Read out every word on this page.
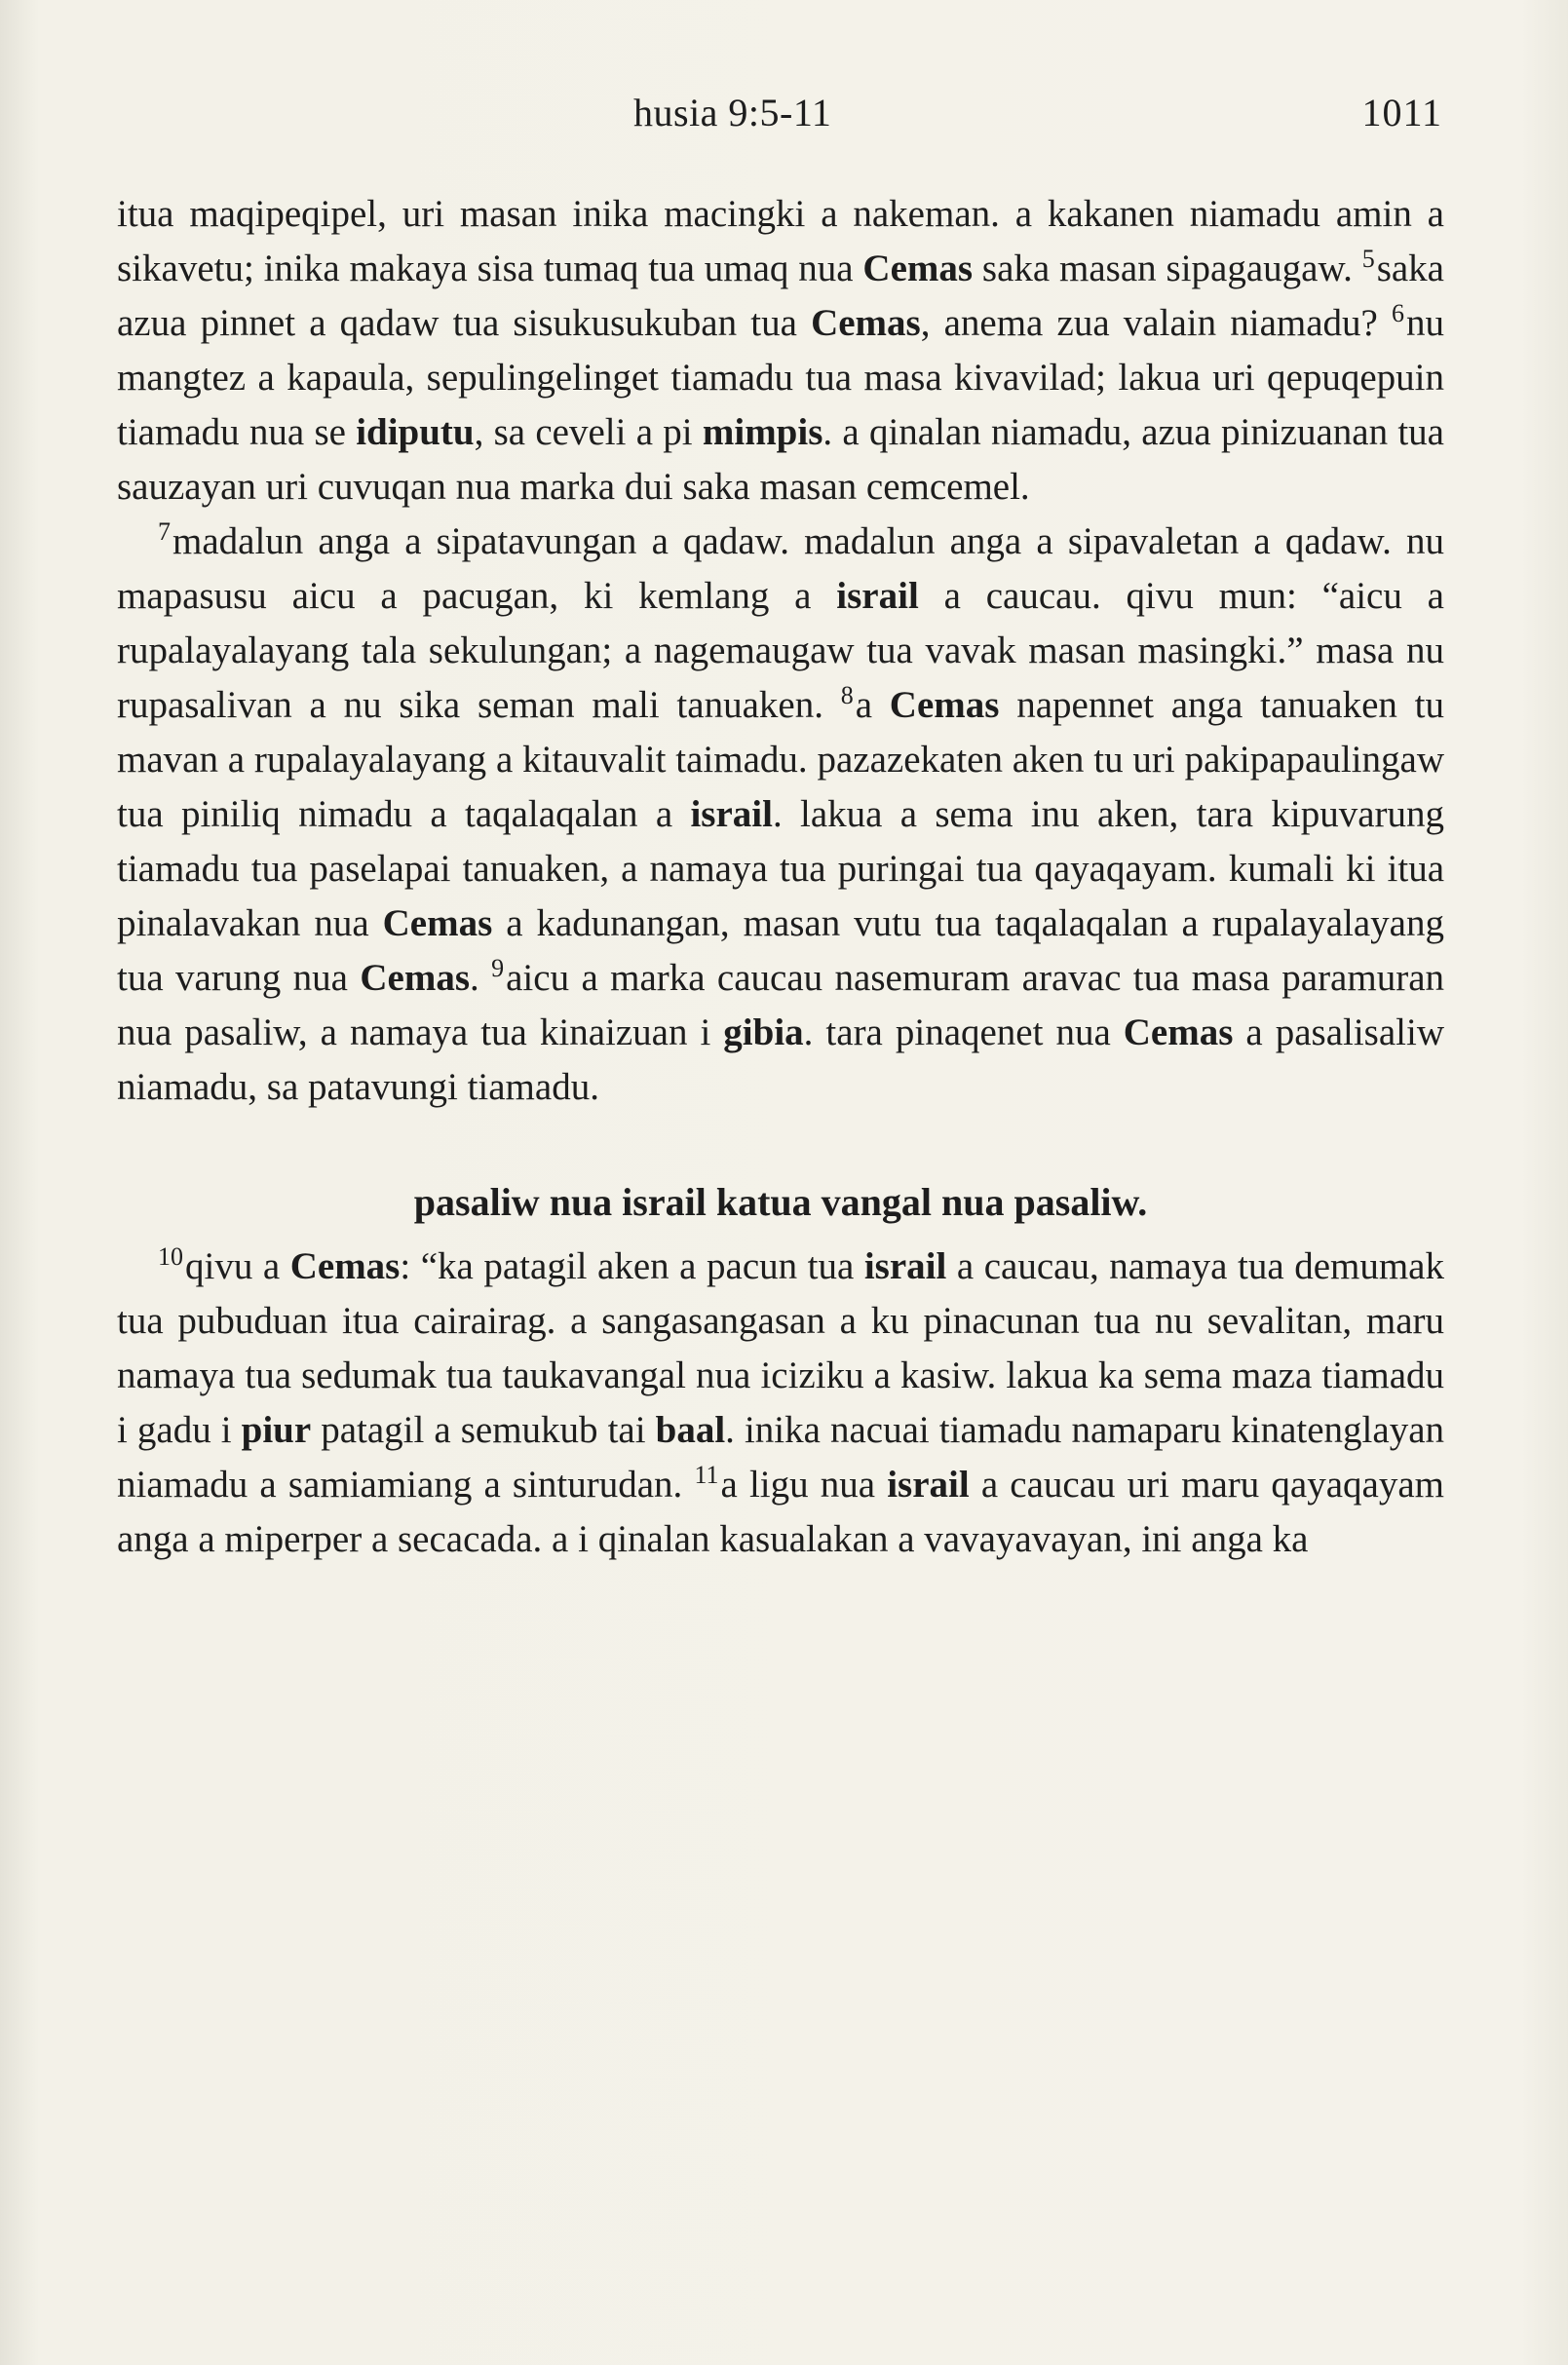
husia 9:5-11	1011

itua maqipeqipel, uri masan inika macingki a nakeman. a kakanen niamadu amin a sikavetu; inika makaya sisa tumaq tua umaq nua Cemas saka masan sipagaugaw. $^5$saka azua pinnet a qadaw tua sisukusukuban tua Cemas, anema zua valain niamadu? $^6$nu mangtez a kapaula, sepulingelinget tiamadu tua masa kivavilad; lakua uri qepuqepuin tiamadu nua se idiputu, sa ceveli a pi mimpis. a qinalan niamadu, azua pinizuanan tua sauzayan uri cuvuqan nua marka dui saka masan cemcemel.

$^7$madalun anga a sipatavungan a qadaw. madalun anga a sipavaletan a qadaw. nu mapasusu aicu a pacugan, ki kemlang a israil a caucau. qivu mun: “aicu a rupalayalayang tala sekulungan; a nagemaugaw tua vavak masan masingki.” masa nu rupasalivan a nu sika seman mali tanuaken. $^8$a Cemas napennet anga tanuaken tu mavan a rupalayalayang a kitauvalit taimadu. pazazekaten aken tu uri pakipapaulingaw tua piniliq nimadu a taqalaqalan a israil. lakua a sema inu aken, tara kipuvarung tiamadu tua paselapai tanuaken, a namaya tua puringai tua qayaqayam. kumali ki itua pinalavakan nua Cemas a kadunangan, masan vutu tua taqalaqalan a rupalayalayang tua varung nua Cemas. $^9$aicu a marka caucau nasemuram aravac tua masa paramuran nua pasaliw, a namaya tua kinaizuan i gibia. tara pinaqenet nua Cemas a pasalisaliw niamadu, sa patavungi tiamadu.

pasaliw nua israil katua vangal nua pasaliw.

$^{10}$qivu a Cemas: “ka patagil aken a pacun tua israil a caucau, namaya tua demumak tua pubuduan itua cairairag. a sangasangasan a ku pinacunan tua nu sevalitan, maru namaya tua sedumak tua taukavangal nua iciziku a kasiw. lakua ka sema maza tiamadu i gadu i piur patagil a semukub tai baal. inika nacuai tiamadu namaparu kinatenglayan niamadu a samiamiang a sinturudan. $^{11}$a ligu nua israil a caucau uri maru qayaqayam anga a miperper a secacada. a i qinalan kasualakan a vavayavayan, ini anga ka
